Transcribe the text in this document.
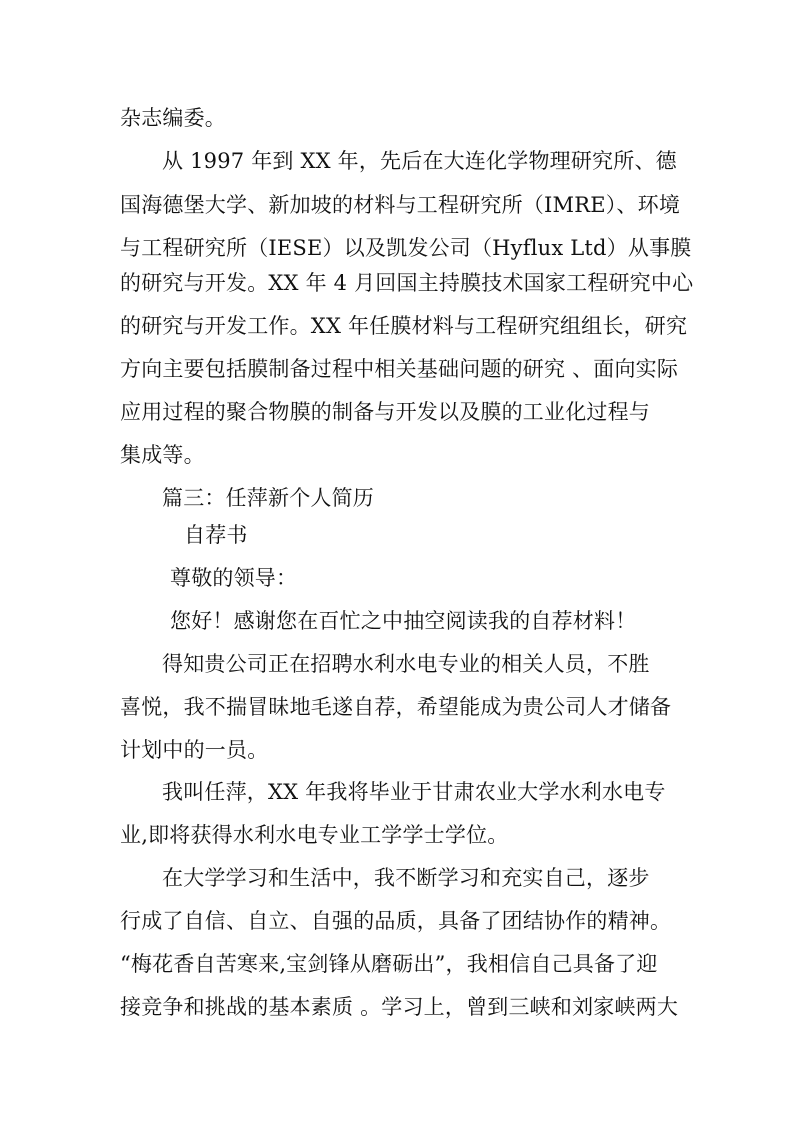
杂志编委。
从 1997 年到 XX 年，先后在大连化学物理研究所、德
国海德堡大学、新加坡的材料与工程研究所（IMRE）、环境
与工程研究所（IESE）以及凯发公司（Hyflux Ltd）从事膜
的研究与开发。XX 年 4 月回国主持膜技术国家工程研究中心
的研究与开发工作。XX 年任膜材料与工程研究组组长，研究
方向主要包括膜制备过程中相关基础问题的研究 、面向实际
应用过程的聚合物膜的制备与开发以及膜的工业化过程与
集成等。
篇三：任萍新个人简历
自荐书
尊敬的领导：
您好！感谢您在百忙之中抽空阅读我的自荐材料！
得知贵公司正在招聘水利水电专业的相关人员，不胜
喜悦，我不揣冒昧地毛遂自荐，希望能成为贵公司人才储备
计划中的一员。
我叫任萍，XX 年我将毕业于甘肃农业大学水利水电专
业,即将获得水利水电专业工学学士学位。
在大学学习和生活中，我不断学习和充实自己，逐步
行成了自信、自立、自强的品质，具备了团结协作的精神。
“梅花香自苦寒来,宝剑锋从磨砺出”，我相信自己具备了迎
接竞争和挑战的基本素质 。学习上，曾到三峡和刘家峡两大
